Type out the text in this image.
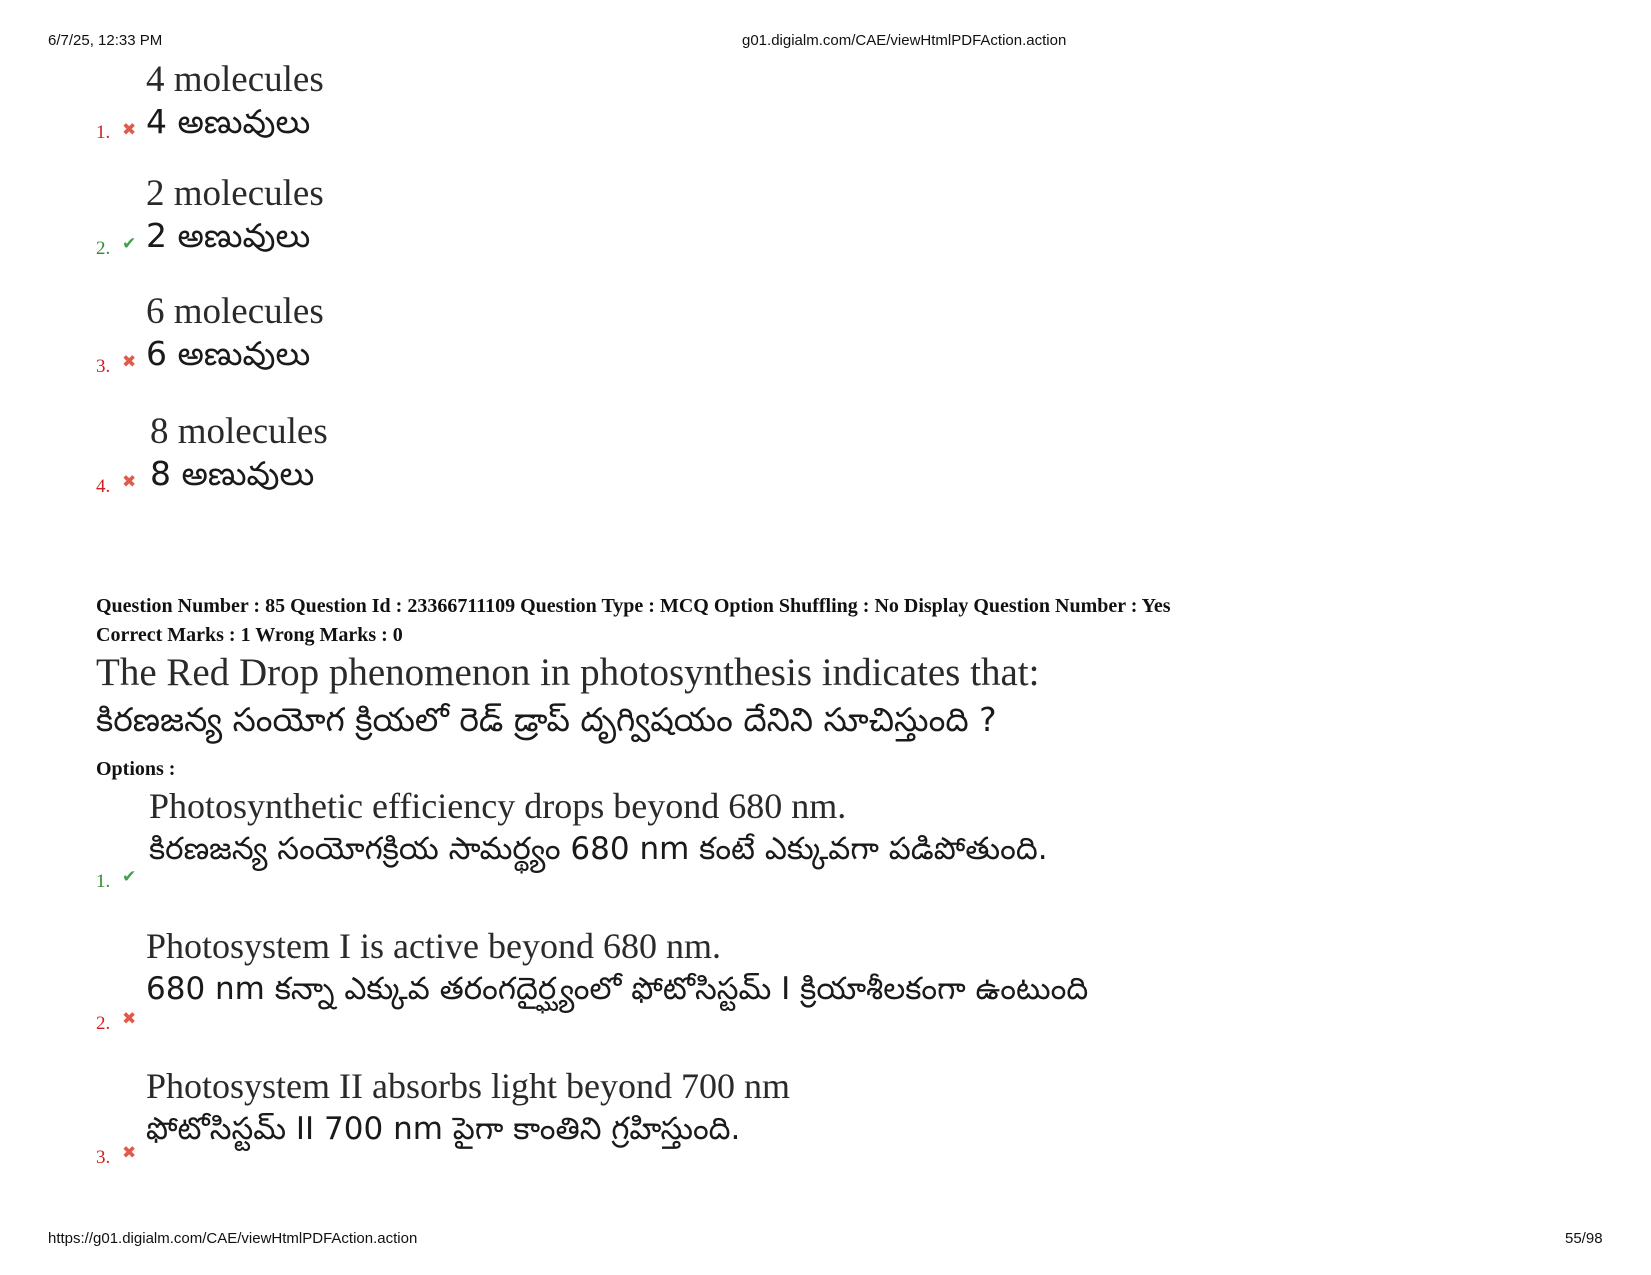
6/7/25, 12:33 PM	g01.digialm.com/CAE/viewHtmlPDFAction.action
4 molecules
4 అణువులు
1. ✖
2 molecules
2 అణువులు
2. ✔
6 molecules
6 అణువులు
3. ✖
8 molecules
8 అణువులు
4. ✖
Question Number : 85 Question Id : 23366711109 Question Type : MCQ Option Shuffling : No Display Question Number : Yes
Correct Marks : 1 Wrong Marks : 0
The Red Drop phenomenon in photosynthesis indicates that:
కిరణజన్య సంయోగ క్రియలో రెడ్ డ్రాప్ దృగ్విషయం దేనిని సూచిస్తుంది ?
Options :
Photosynthetic efficiency drops beyond 680 nm.
కిరణజన్య సంయోగక్రియ సామర్థ్యం 680 nm కంటే ఎక్కువగా పడిపోతుంది.
1. ✔
Photosystem I is active beyond 680 nm.
680 nm కన్నా ఎక్కువ తరంగదైర్ఘ్యంలో ఫోటోసిస్టమ్ I క్రియాశీలకంగా ఉంటుంది
2. ✖
Photosystem II absorbs light beyond 700 nm
ఫోటోసిస్టమ్ II 700 nm పైగా కాంతిని గ్రహిస్తుంది.
3. ✖
https://g01.digialm.com/CAE/viewHtmlPDFAction.action	55/98
